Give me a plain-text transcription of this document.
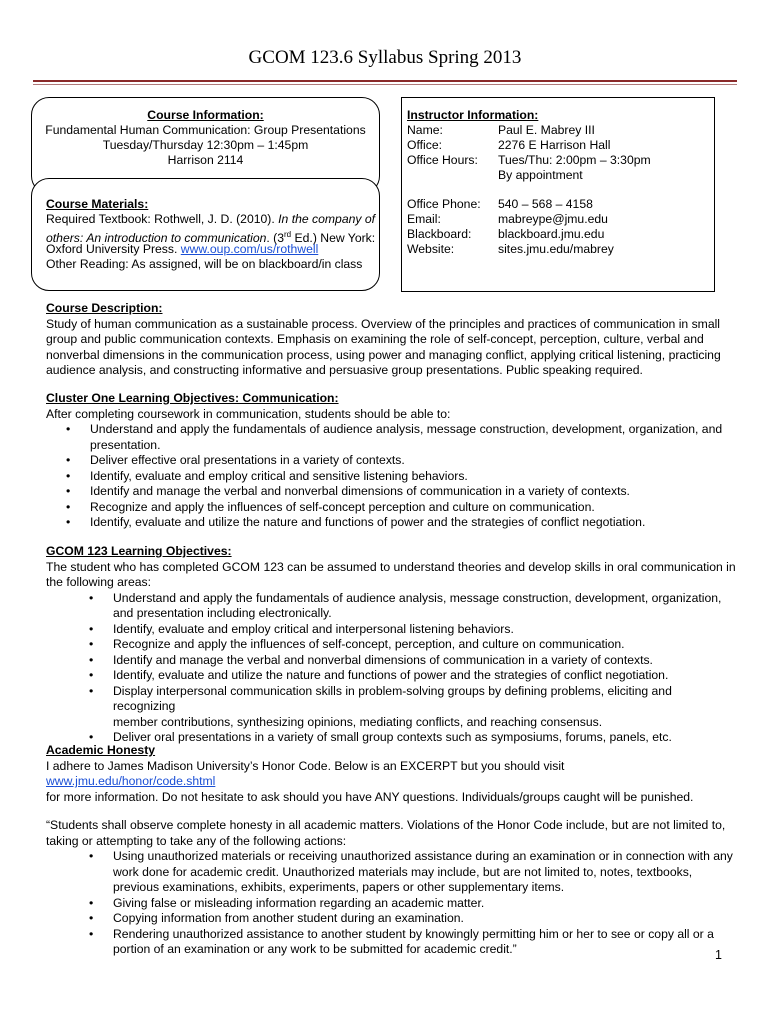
GCOM 123.6 Syllabus Spring 2013
Course Information:
Fundamental Human Communication: Group Presentations
Tuesday/Thursday 12:30pm – 1:45pm
Harrison 2114
Course Materials:
Required Textbook: Rothwell, J. D. (2010). In the company of
others: An introduction to communication. (3rd Ed.) New York:
Oxford University Press. www.oup.com/us/rothwell
Other Reading: As assigned, will be on blackboard/in class
Instructor Information:
Name:	Paul E. Mabrey III
Office:	2276 E Harrison Hall
Office Hours:	Tues/Thu: 2:00pm – 3:30pm
By appointment
Office Phone:	540 – 568 – 4158
Email:	mabreype@jmu.edu
Blackboard:	blackboard.jmu.edu
Website:	sites.jmu.edu/mabrey

Course Description:

Study of human communication as a sustainable process. Overview of the principles and practices of communication in small

group and public communication contexts. Emphasis on examining the role of self-concept, perception, culture, verbal and

nonverbal dimensions in the communication process, using power and managing conflict, applying critical listening, practicing

audience analysis, and constructing informative and persuasive group presentations. Public speaking required.

Cluster One Learning Objectives: Communication:

After completing coursework in communication, students should be able to:

• Understand and apply the fundamentals of audience analysis, message construction, development, organization, and
presentation.
• Deliver effective oral presentations in a variety of contexts.
• Identify, evaluate and employ critical and sensitive listening behaviors.
• Identify and manage the verbal and nonverbal dimensions of communication in a variety of contexts.
• Recognize and apply the influences of self-concept perception and culture on communication.
• Identify, evaluate and utilize the nature and functions of power and the strategies of conflict negotiation.

GCOM 123 Learning Objectives:

The student who has completed GCOM 123 can be assumed to understand theories and develop skills in oral communication in

the following areas:

• Understand and apply the fundamentals of audience analysis, message construction, development, organization,
and presentation including electronically.
• Identify, evaluate and employ critical and interpersonal listening behaviors.
• Recognize and apply the influences of self-concept, perception, and culture on communication.
• Identify and manage the verbal and nonverbal dimensions of communication in a variety of contexts.
• Identify, evaluate and utilize the nature and functions of power and the strategies of conflict negotiation.
• Display interpersonal communication skills in problem-solving groups by defining problems, eliciting and recognizing
member contributions, synthesizing opinions, mediating conflicts, and reaching consensus.
• Deliver oral presentations in a variety of small group contexts such as symposiums, forums, panels, etc.

Academic Honesty

I adhere to James Madison University’s Honor Code. Below is an EXCERPT but you should visit www.jmu.edu/honor/code.shtml

for more information. Do not hesitate to ask should you have ANY questions. Individuals/groups caught will be punished.

“Students shall observe complete honesty in all academic matters. Violations of the Honor Code include, but are not limited to,

taking or attempting to take any of the following actions:

• Using unauthorized materials or receiving unauthorized assistance during an examination or in connection with any
work done for academic credit. Unauthorized materials may include, but are not limited to, notes, textbooks,
previous examinations, exhibits, experiments, papers or other supplementary items.
• Giving false or misleading information regarding an academic matter.
• Copying information from another student during an examination.
• Rendering unauthorized assistance to another student by knowingly permitting him or her to see or copy all or a
portion of an examination or any work to be submitted for academic credit.”	1
